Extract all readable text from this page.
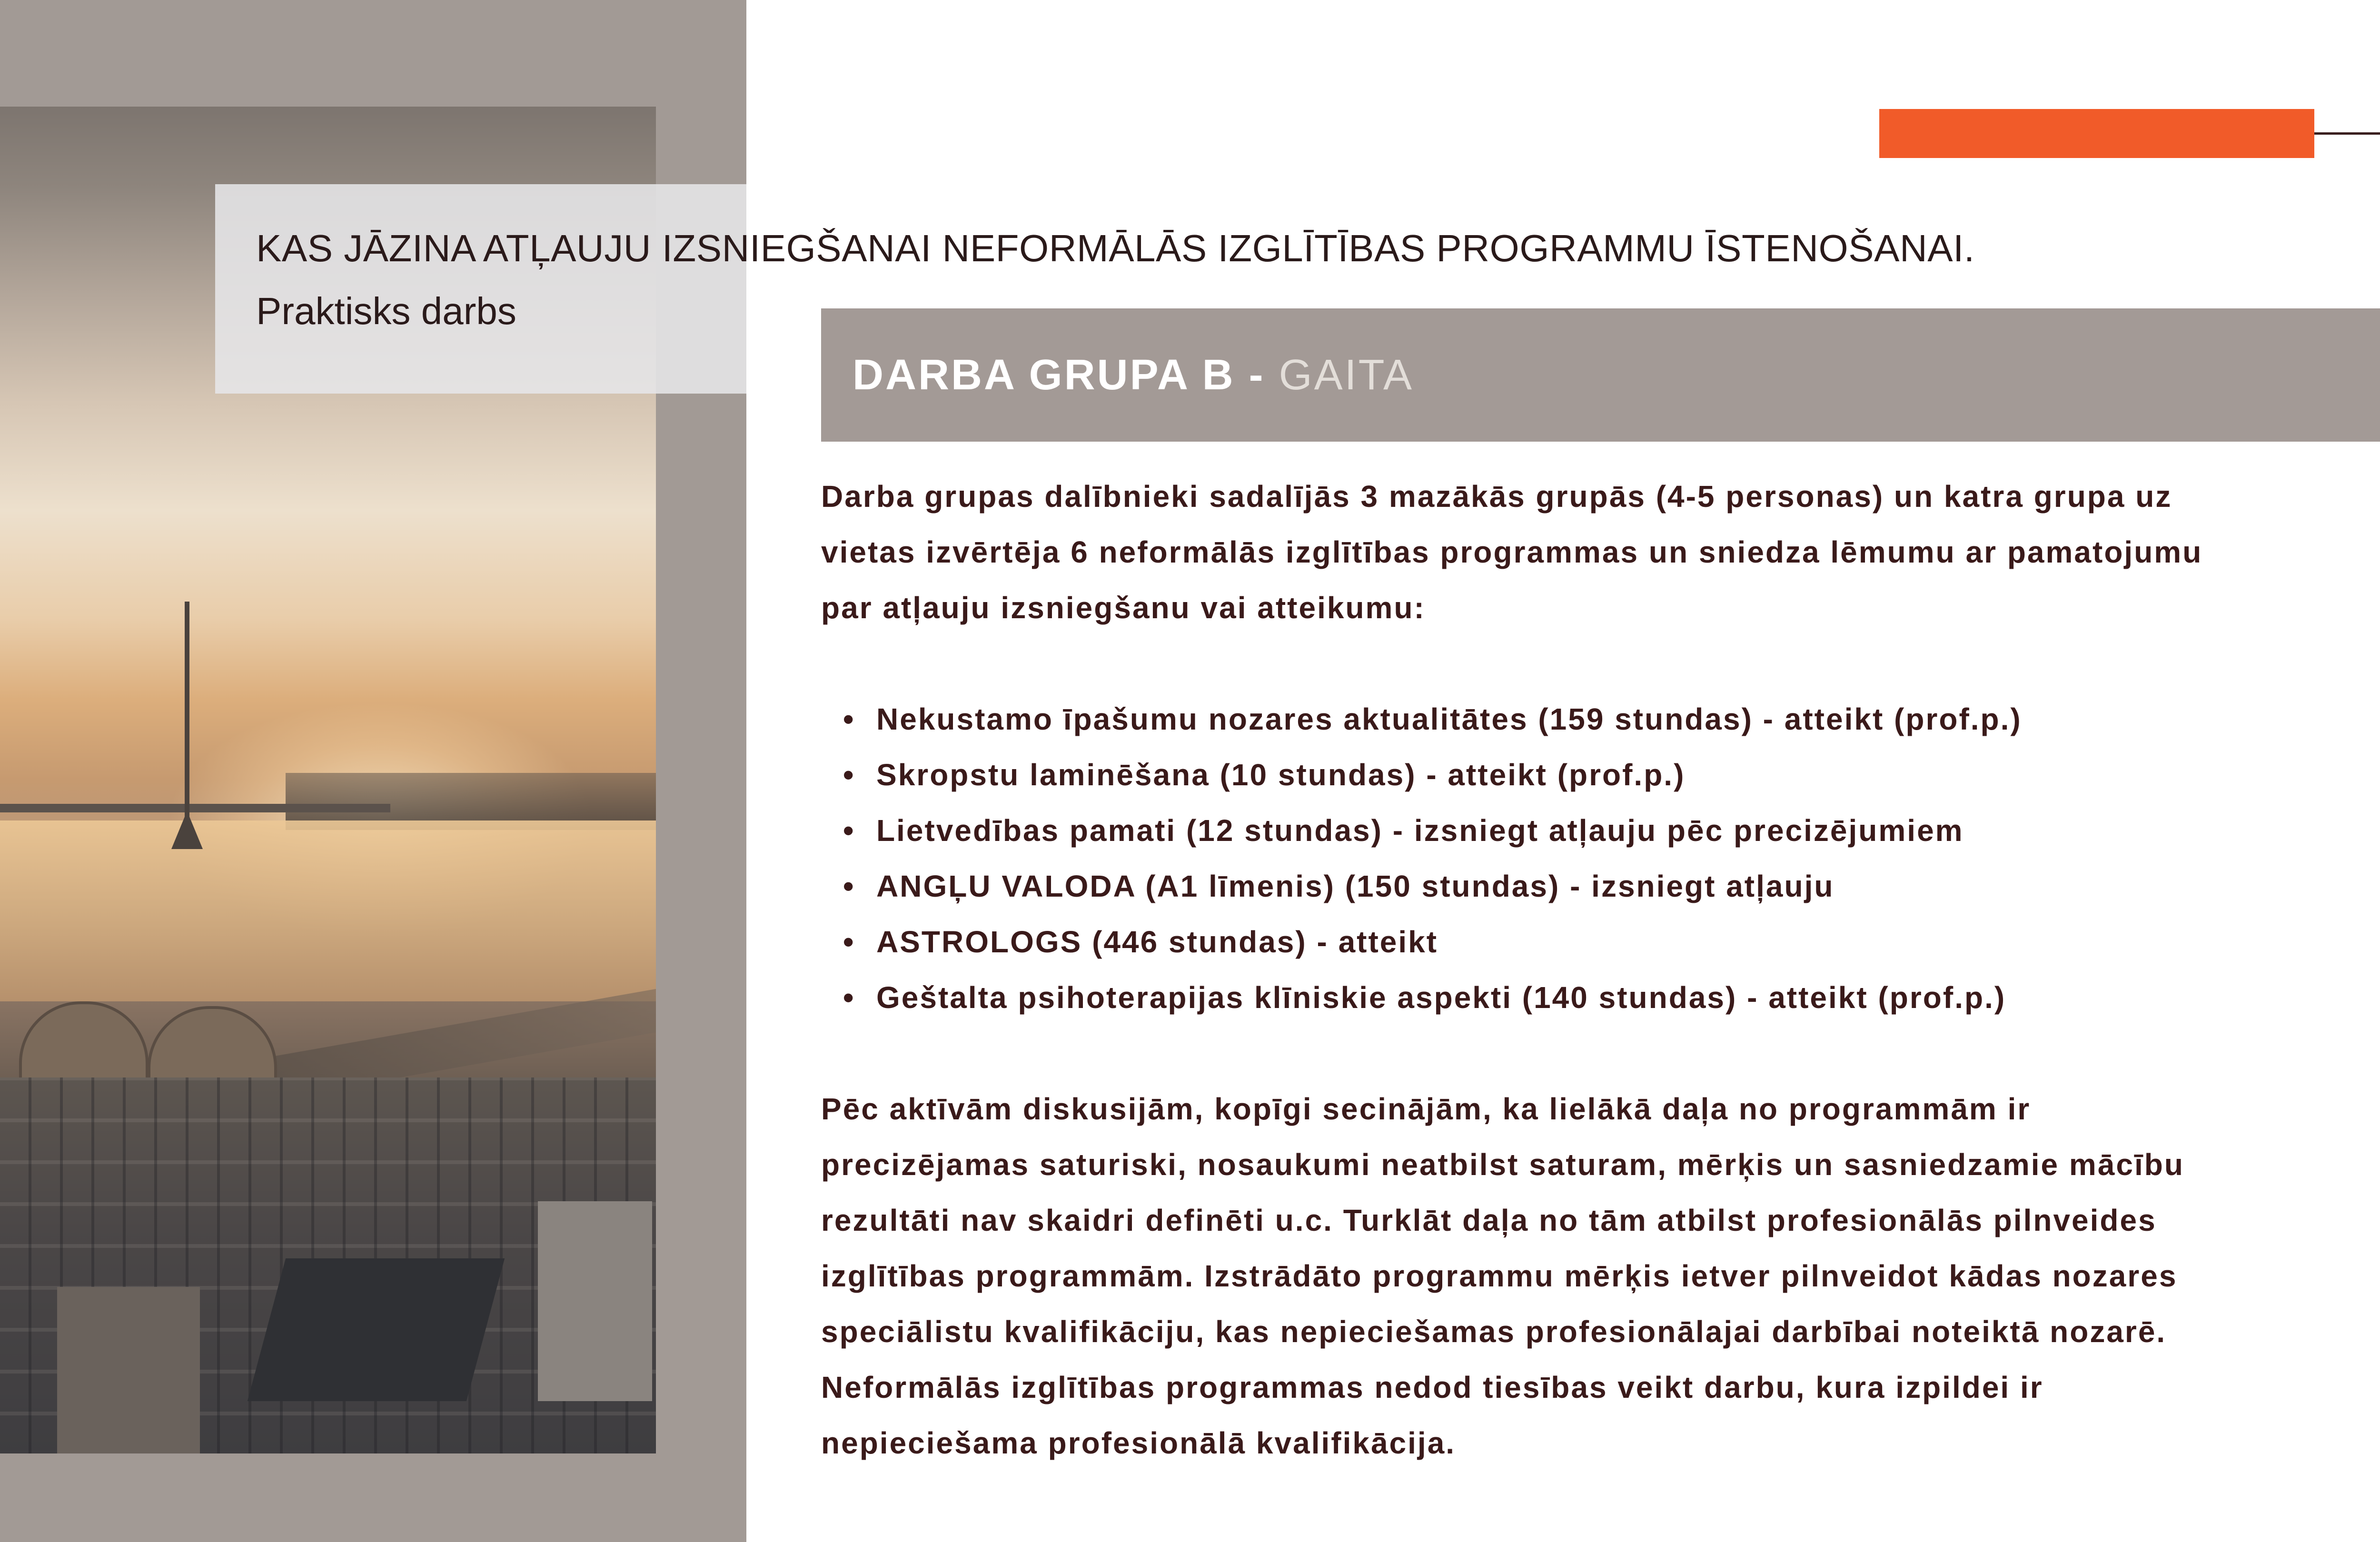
KAS JĀZINA ATĻAUJU IZSNIEGŠANAI NEFORMĀLĀS IZGLĪTĪBAS PROGRAMMU ĪSTENOŠANAI.
Praktisks darbs
DARBA GRUPA B - GAITA

Darba grupas dalībnieki sadalījās 3 mazākās grupās (4-5 personas) un katra grupa uz

vietas izvērtēja 6 neformālās izglītības programmas un sniedza lēmumu ar pamatojumu

par atļauju izsniegšanu vai atteikumu:

• Nekustamo īpašumu nozares aktualitātes (159 stundas) - atteikt (prof.p.)
• Skropstu laminēšana (10 stundas) - atteikt (prof.p.)
• Lietvedības pamati (12 stundas) - izsniegt atļauju pēc precizējumiem
• ANGĻU VALODA (A1 līmenis) (150 stundas) - izsniegt atļauju
• ASTROLOGS (446 stundas) - atteikt
• Geštalta psihoterapijas klīniskie aspekti (140 stundas) - atteikt (prof.p.)

Pēc aktīvām diskusijām, kopīgi secinājām, ka lielākā daļa no programmām ir

precizējamas saturiski, nosaukumi neatbilst saturam, mērķis un sasniedzamie mācību

rezultāti nav skaidri definēti u.c. Turklāt daļa no tām atbilst profesionālās pilnveides

izglītības programmām. Izstrādāto programmu mērķis ietver pilnveidot kādas nozares

speciālistu kvalifikāciju, kas nepieciešamas profesionālajai darbībai noteiktā nozarē.

Neformālās izglītības programmas nedod tiesības veikt darbu, kura izpildei ir

nepieciešama profesionālā kvalifikācija.
